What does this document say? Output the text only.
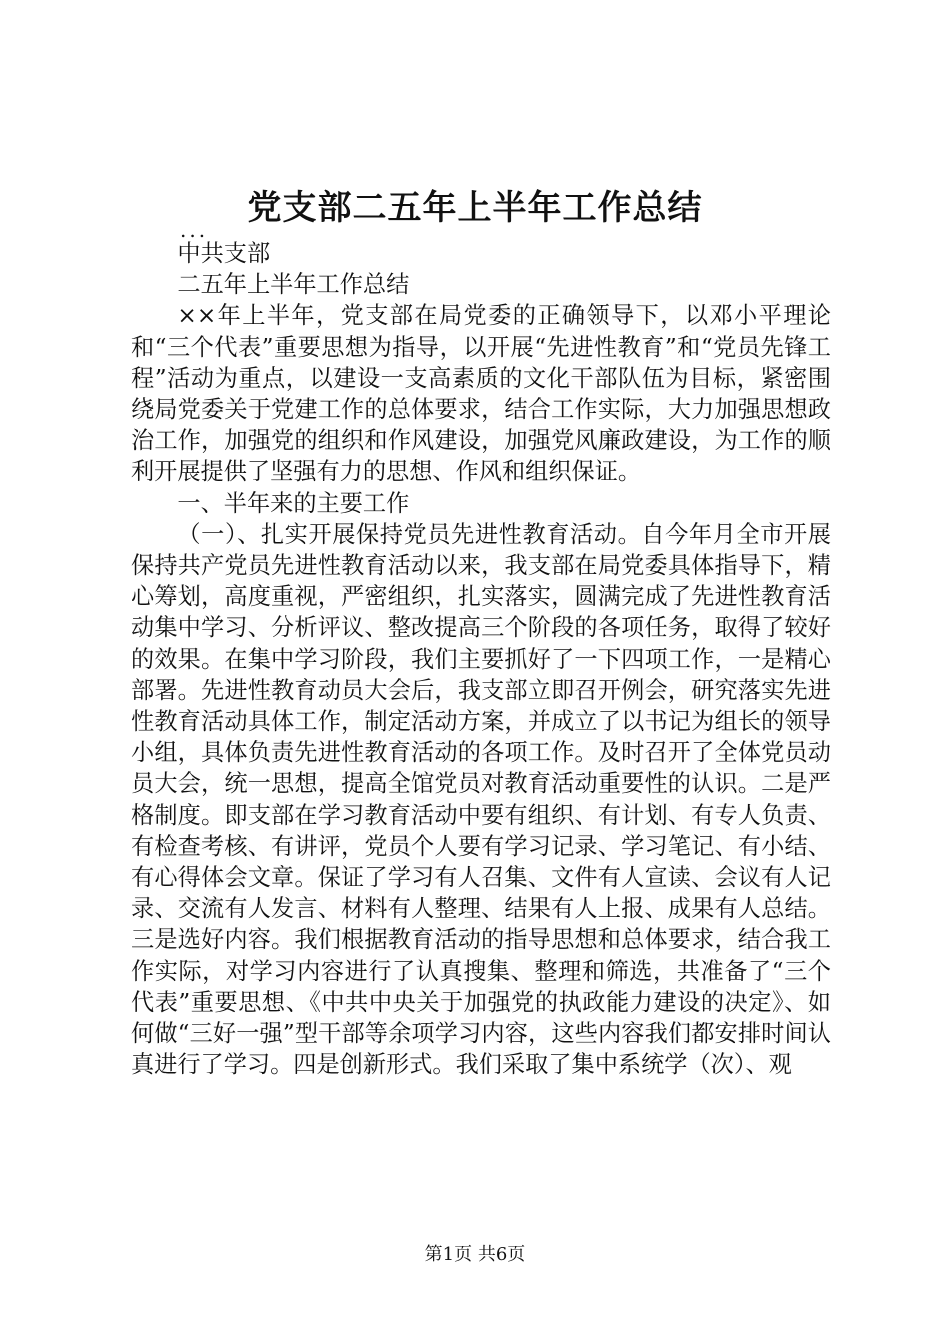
党支部二五年上半年工作总结
...

中共支部

二五年上半年工作总结

××年上半年，党支部在局党委的正确领导下，以邓小平理论和“三个代表”重要思想为指导，以开展“先进性教育”和“党员先锋工程”活动为重点，以建设一支高素质的文化干部队伍为目标，紧密围绕局党委关于党建工作的总体要求，结合工作实际，大力加强思想政治工作，加强党的组织和作风建设，加强党风廉政建设，为工作的顺利开展提供了坚强有力的思想、作风和组织保证。

一、半年来的主要工作

（一）、扎实开展保持党员先进性教育活动。自今年月全市开展保持共产党员先进性教育活动以来，我支部在局党委具体指导下，精心筹划，高度重视，严密组织，扎实落实，圆满完成了先进性教育活动集中学习、分析评议、整改提高三个阶段的各项任务，取得了较好的效果。在集中学习阶段，我们主要抓好了一下四项工作，一是精心部署。先进性教育动员大会后，我支部立即召开例会，研究落实先进性教育活动具体工作，制定活动方案，并成立了以书记为组长的领导小组，具体负责先进性教育活动的各项工作。及时召开了全体党员动员大会，统一思想，提高全馆党员对教育活动重要性的认识。二是严格制度。即支部在学习教育活动中要有组织、有计划、有专人负责、有检查考核、有讲评，党员个人要有学习记录、学习笔记、有小结、有心得体会文章。保证了学习有人召集、文件有人宣读、会议有人记录、交流有人发言、材料有人整理、结果有人上报、成果有人总结。三是选好内容。我们根据教育活动的指导思想和总体要求，结合我工作实际，对学习内容进行了认真搜集、整理和筛选，共准备了“三个代表”重要思想、《中共中央关于加强党的执政能力建设的决定》、如何做“三好一强”型干部等余项学习内容，这些内容我们都安排时间认真进行了学习。四是创新形式。我们采取了集中系统学（次）、观

第1页 共6页
